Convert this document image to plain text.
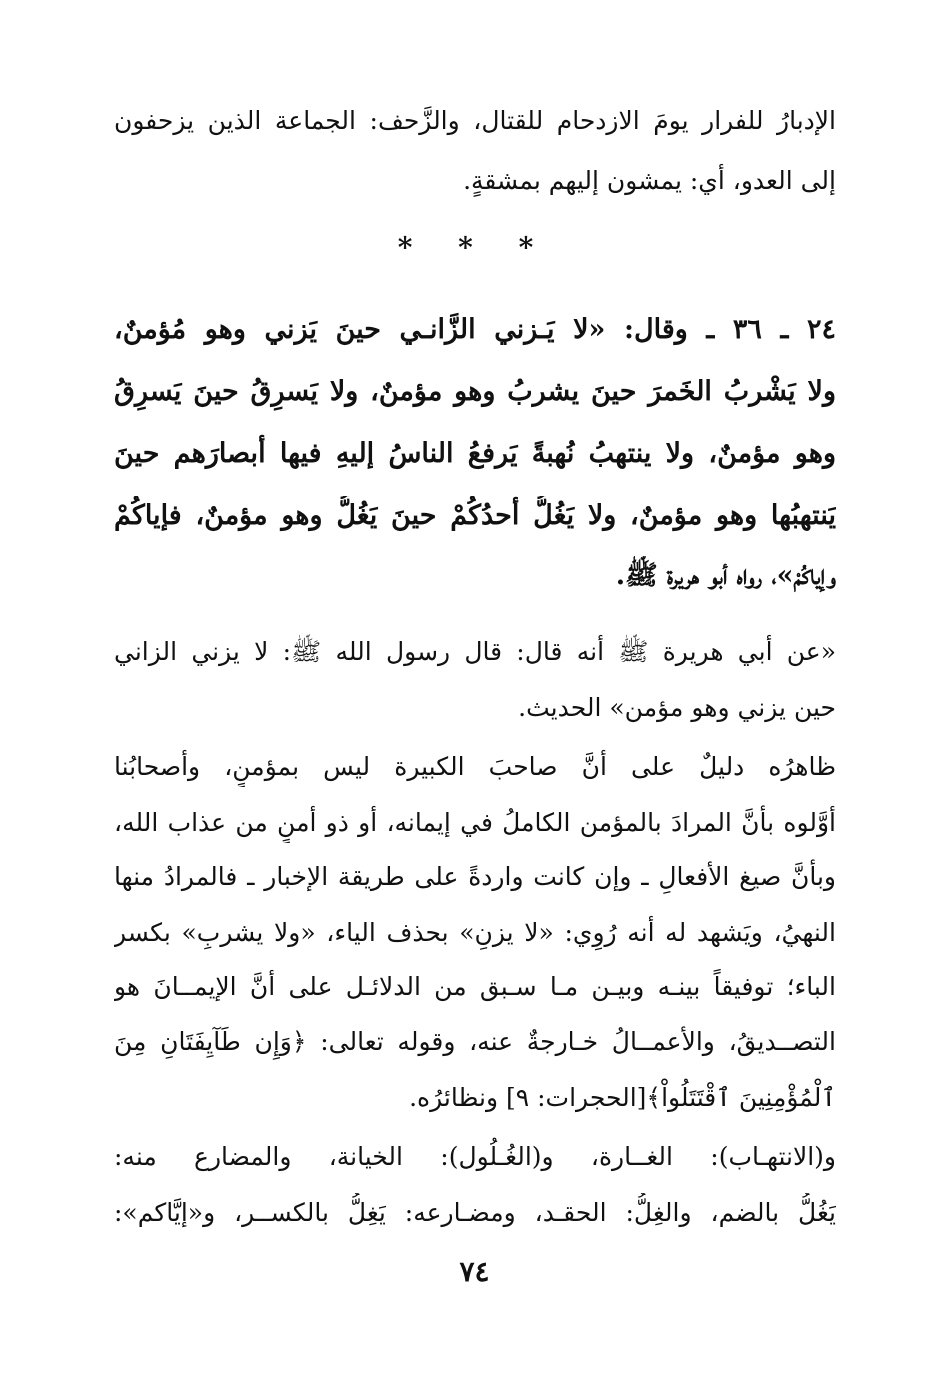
الإدبارُ للفرار يومَ الازدحام للقتال، والزَّحف: الجماعة الذين يزحفون
إلى العدو، أي: يمشون إليهم بمشقةٍ.
* * *
٢٤ ـ ٣٦ ـ وقال: «لا يَـزني الزَّانـي حينَ يَزني وهو مُؤمنٌ،
ولا يَشْربُ الخَمرَ حينَ يشربُ وهو مؤمنٌ، ولا يَسرِقُ حينَ يَسرِقُ
وهو مؤمنٌ، ولا ينتهبُ نُهبةً يَرفعُ الناسُ إليهِ فيها أبصارَهم حينَ
يَنتهبُها وهو مؤمنٌ، ولا يَغُلُّ أحدُكُمْ حينَ يَغُلُّ وهو مؤمنٌ، فإياكُمْ
وإياكُمْ»، رواه أبو هريرة ﷺ.
«عن أبي هريرة ﷺ أنه قال: قال رسول الله ﷺ: لا يزني الزاني
حين يزني وهو مؤمن» الحديث.
ظاهرُه دليلٌ على أنَّ صاحبَ الكبيرة ليس بمؤمنٍ، وأصحابُنا
أوَّلوه بأنَّ المرادَ بالمؤمن الكاملُ في إيمانه، أو ذو أمنٍ من عذاب الله،
وبأنَّ صيغ الأفعالِ ـ وإن كانت واردةً على طريقة الإخبار ـ فالمرادُ منها
النهيُ، ويَشهد له أنه رُوِي: «لا يزنِ» بحذف الياء، «ولا يشربِ» بكسر
الباء؛ توفيقاً بينـه وبيـن مـا سـبق من الدلائـل على أنَّ الإيمــانَ هو
التصــديقُ، والأعمــالُ خـارجةٌ عنه، وقوله تعالى: ﴿وَإِن طَآيِفَتَانِ مِنَ
ٱلْمُؤْمِنِينَ ٱقْتَتَلُواْ﴾[الحجرات: ٩] ونظائرُه.
و(الانتهـاب): الغــارة، و(الغُـلُول): الخيانة، والمضارع منه:
يَغُلُّ بالضم، والغِلُّ: الحقـد، ومضـارعه: يَغِلُّ بالكســر، و«إيَّاكم»:
٧٤
